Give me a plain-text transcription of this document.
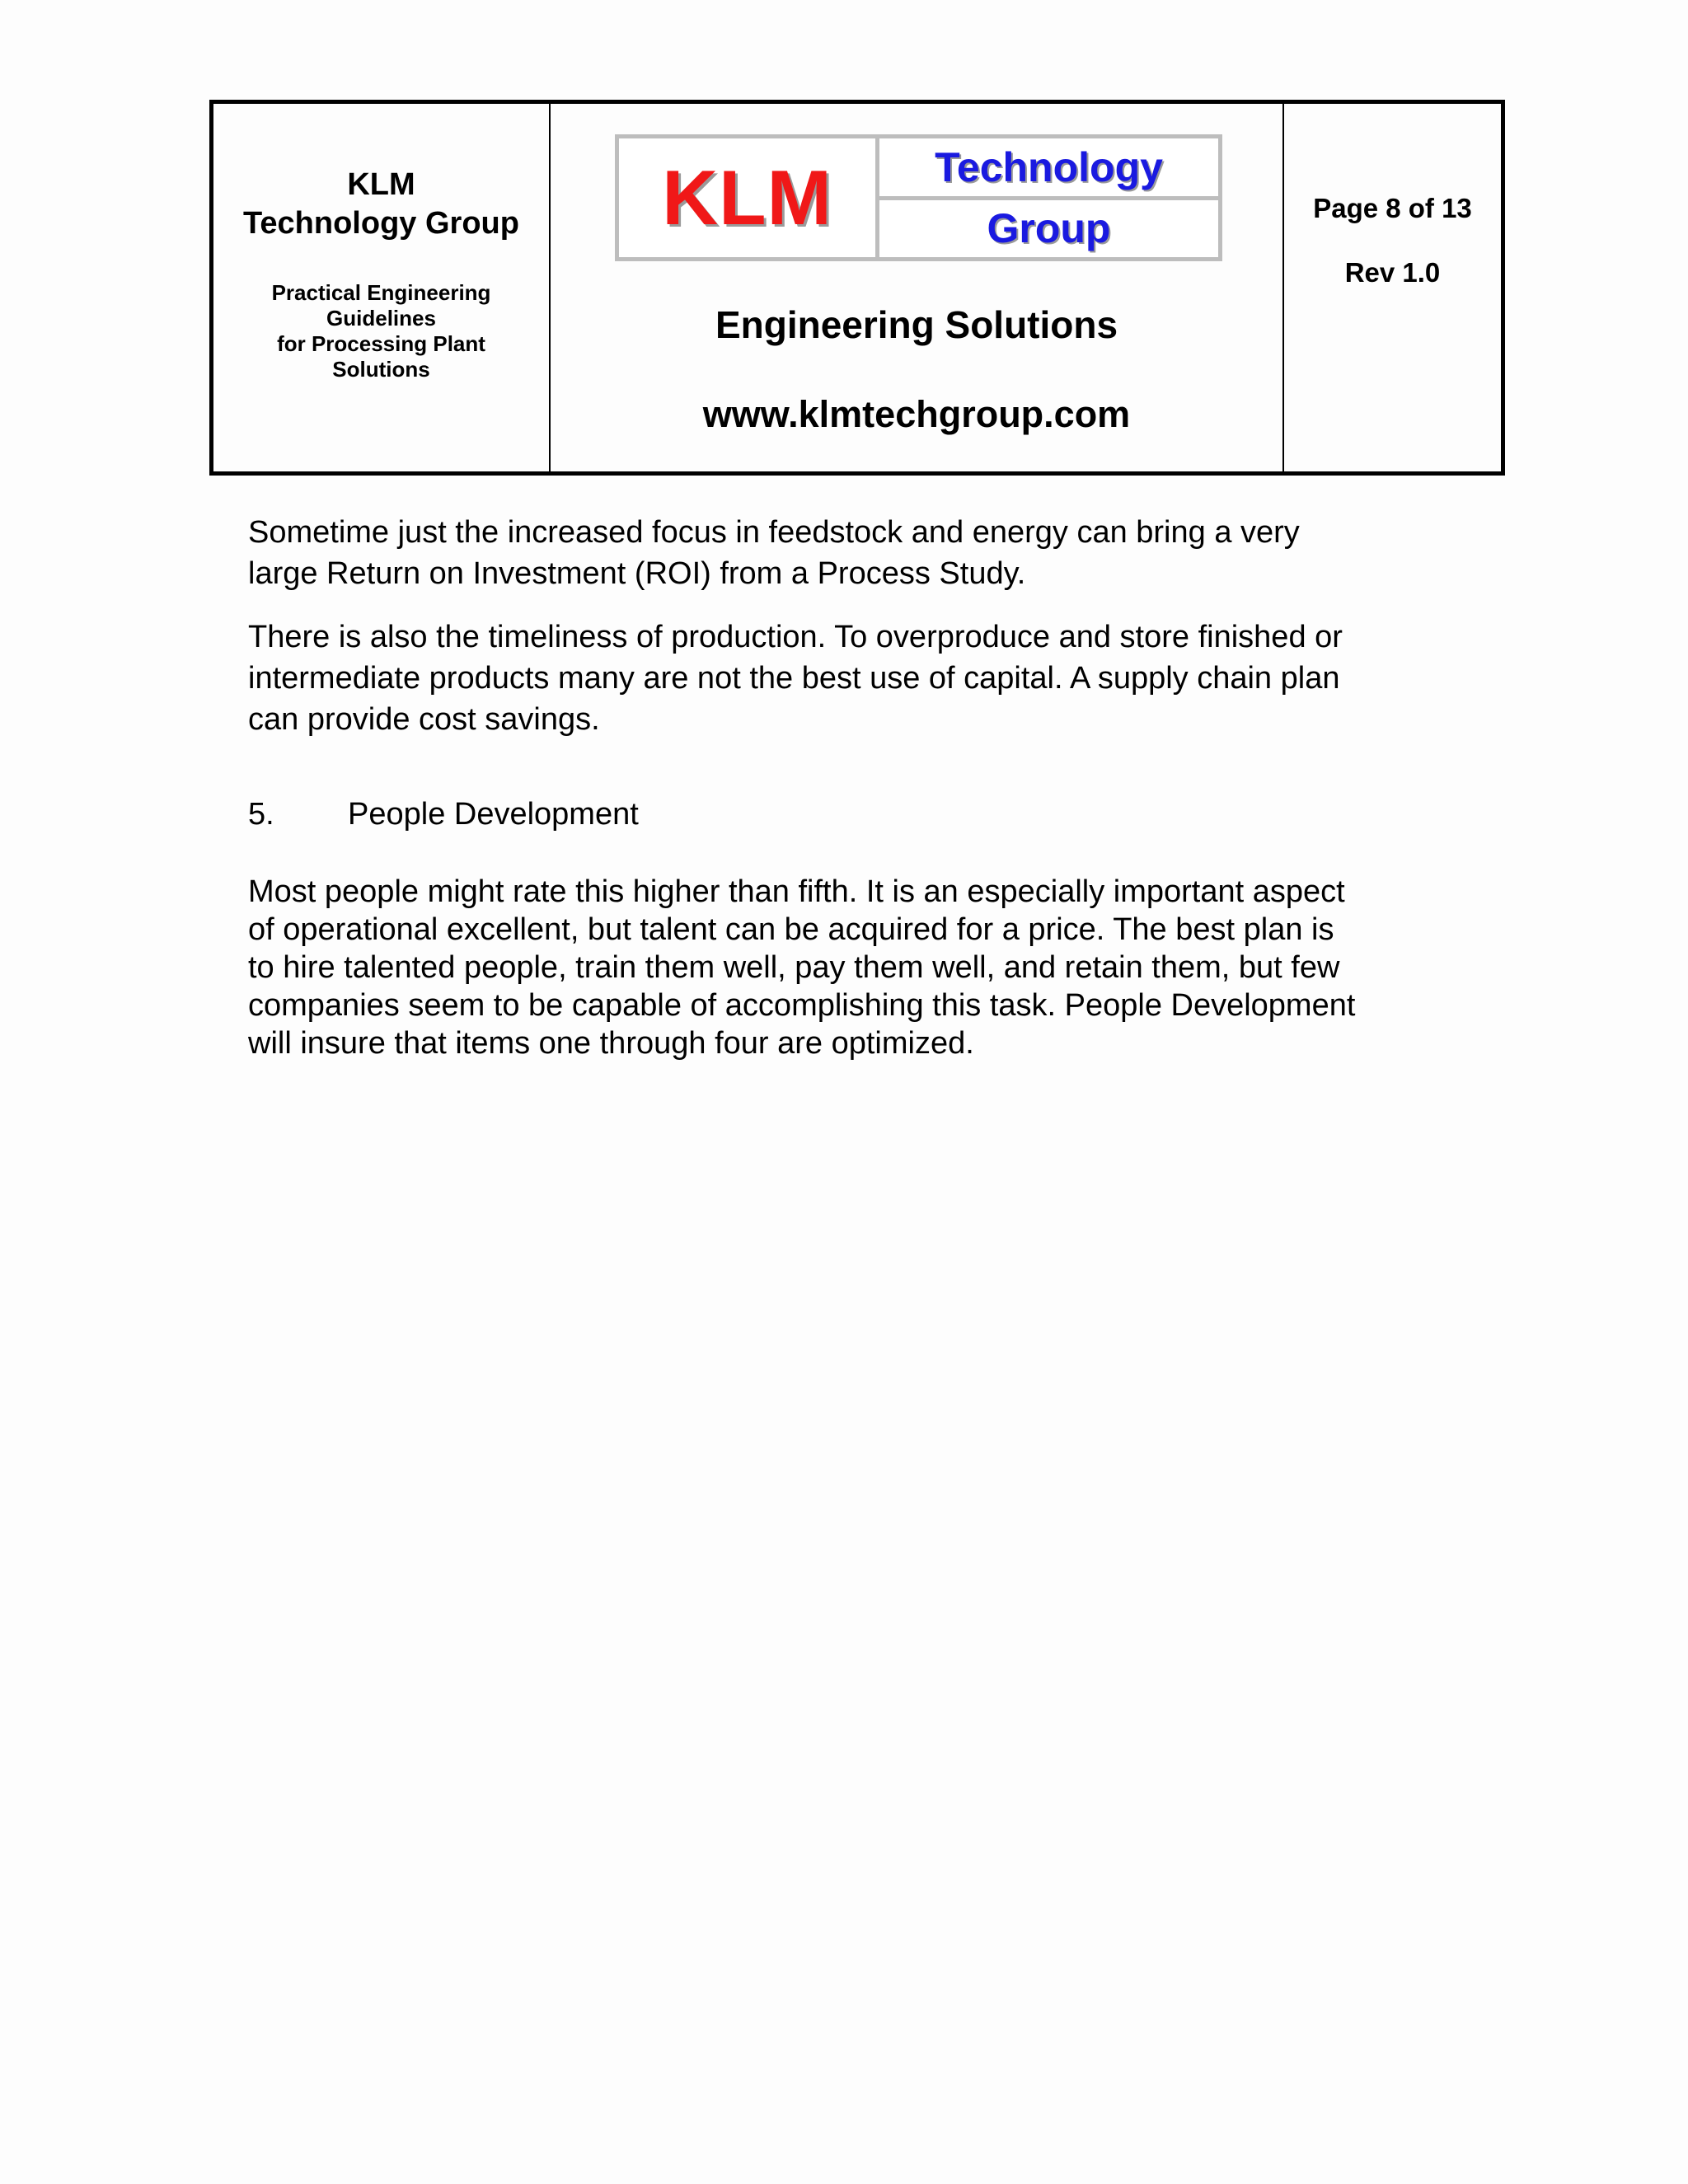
KLM
Technology Group
Practical Engineering
Guidelines
for Processing Plant
Solutions
KLM	Technology
Group
Engineering Solutions
www.klmtechgroup.com
Page 8 of 13
Rev 1.0

Sometime just the increased focus in feedstock and energy can bring a very
large Return on Investment (ROI) from a Process Study.

There is also the timeliness of production. To overproduce and store finished or
intermediate products many are not the best use of capital. A supply chain plan
can provide cost savings.

5. People Development

Most people might rate this higher than fifth. It is an especially important aspect
of operational excellent, but talent can be acquired for a price. The best plan is
to hire talented people, train them well, pay them well, and retain them, but few
companies seem to be capable of accomplishing this task. People Development
will insure that items one through four are optimized.
